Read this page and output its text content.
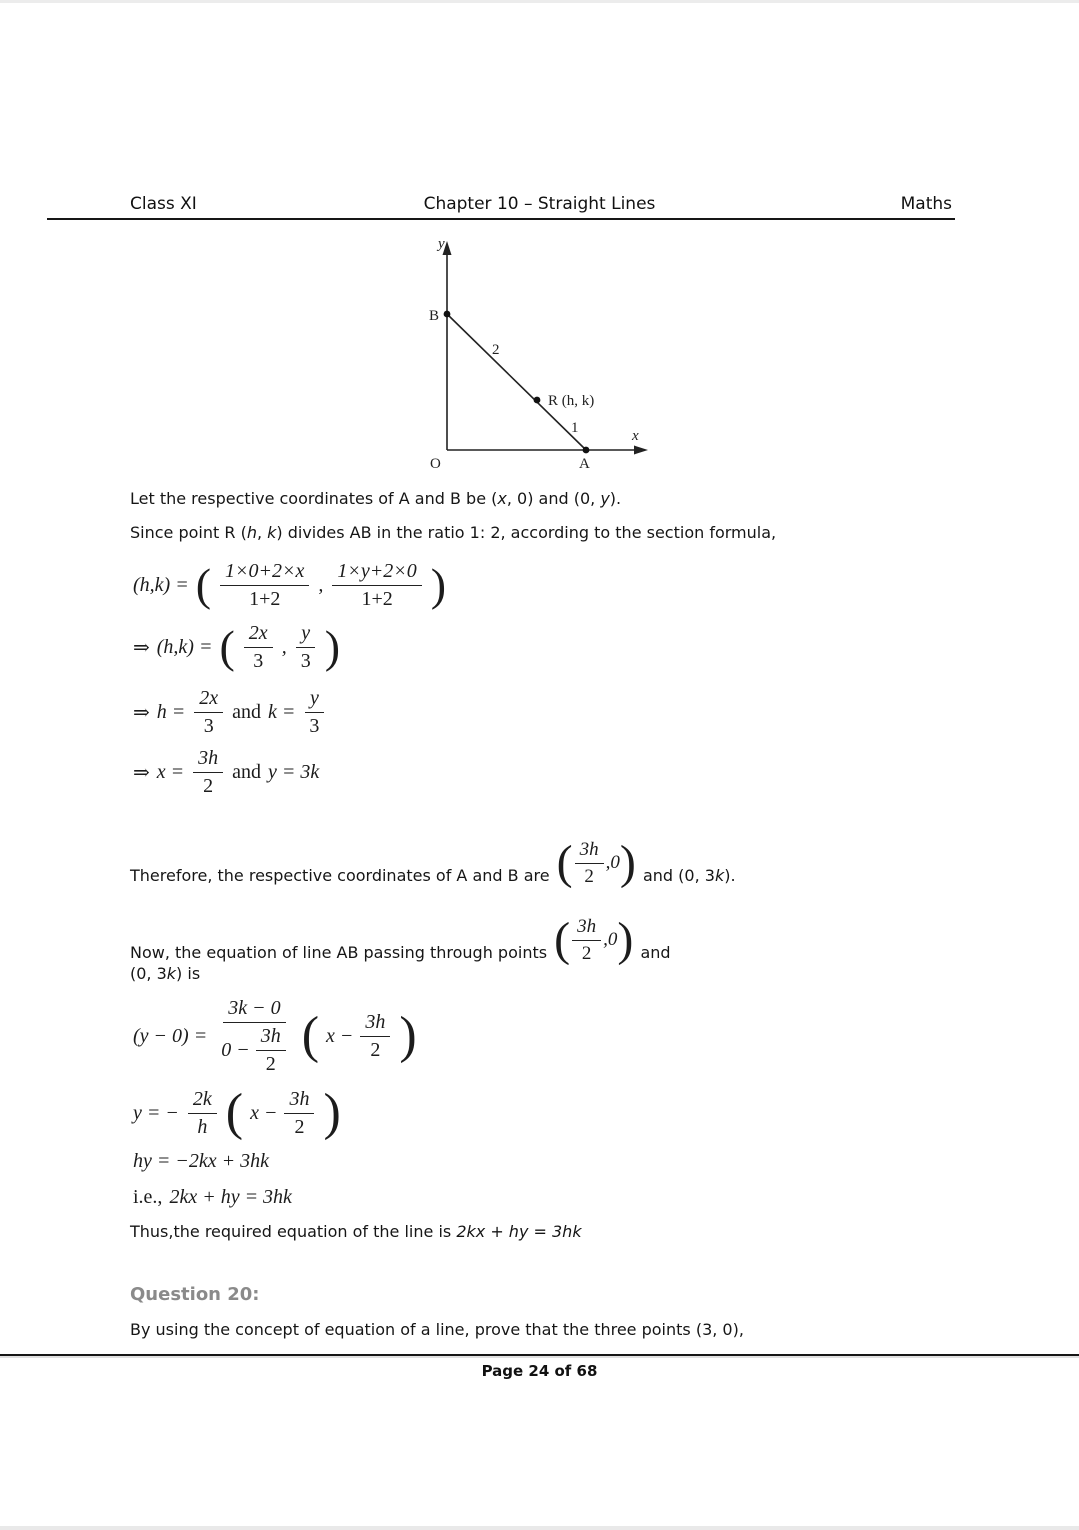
Class XI	Chapter 10 – Straight Lines	Maths
y
x
O
B
A
R (h, k)
2
1
Let the respective coordinates of A and B be (x, 0) and (0, y).
Since point R (h, k) divides AB in the ratio 1: 2, according to the section formula,
(h,k) = ( $\frac{1\times 0+2\times x}{1+2}$ , $\frac{1\times y+2\times 0}{1+2}$ )
⇒ (h,k) = ( $\frac{2x}{3}$ , $\frac{y}{3}$ )
⇒ $h = \frac{2x}{3}$ and $k = \frac{y}{3}$
⇒ $x = \frac{3h}{2}$ and y = 3k
Therefore, the respective coordinates of A and B are ( $\frac{3h}{2} ,0$ ) and (0, 3k).
Now, the equation of line AB passing through points ( $\frac{3h}{2} ,0$ ) and
(0, 3k) is
$(y - 0) = \frac{3k - 0}{0 - \frac{3h}{2}}$ ( $x - \frac{3h}{2}$ )
y = − $\frac{2k}{h}$ ( $x - \frac{3h}{2}$ )
hy = −2kx + 3hk
i.e., 2kx + hy = 3hk
Thus,the required equation of the line is 2kx + hy = 3hk
Question 20:
By using the concept of equation of a line, prove that the three points (3, 0),
Page 24 of 68
